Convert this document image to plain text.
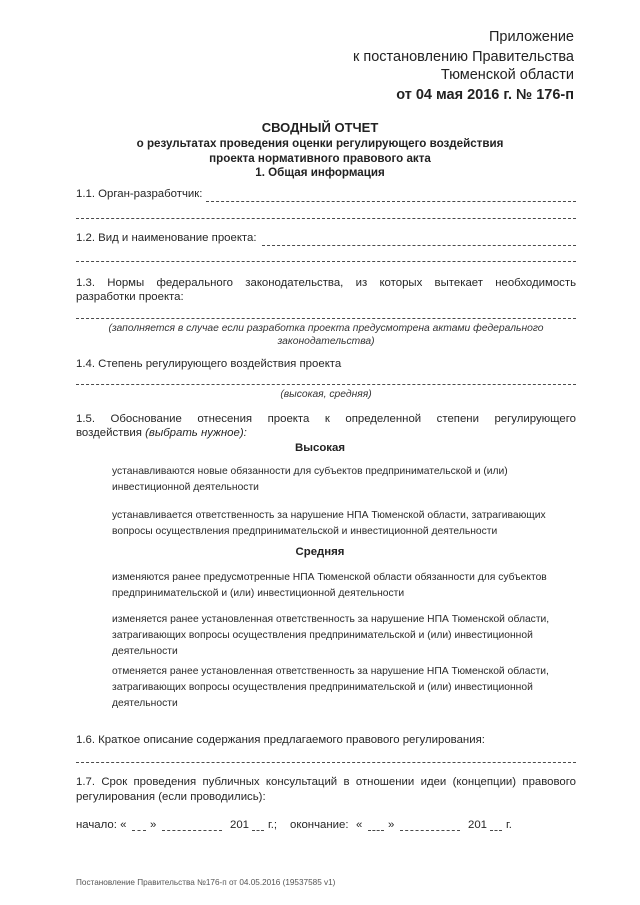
Приложение
к постановлению Правительства
Тюменской области
от 04 мая 2016 г. № 176-п
СВОДНЫЙ ОТЧЕТ
о результатах проведения оценки регулирующего воздействия
проекта нормативного правового акта
1. Общая информация
1.1. Орган-разработчик:
1.2. Вид и наименование проекта:
1.3. Нормы федерального законодательства, из которых вытекает необходимость
разработки проекта:
(заполняется в случае если разработка проекта предусмотрена актами федерального законодательства)
1.4. Степень регулирующего воздействия проекта
(высокая, средняя)
1.5. Обоснование отнесения проекта к определенной степени регулирующего
воздействия (выбрать нужное):
Высокая
устанавливаются новые обязанности для субъектов предпринимательской и (или) инвестиционной деятельности
устанавливается ответственность за нарушение НПА Тюменской области, затрагивающих вопросы осуществления предпринимательской и инвестиционной деятельности
Средняя
изменяются ранее предусмотренные НПА Тюменской области обязанности для субъектов предпринимательской и (или) инвестиционной деятельности
изменяется ранее установленная ответственность за нарушение НПА Тюменской области, затрагивающих вопросы осуществления предпринимательской и (или) инвестиционной деятельности
отменяется ранее установленная ответственность за нарушение НПА Тюменской области, затрагивающих вопросы осуществления предпринимательской и (или) инвестиционной деятельности
1.6. Краткое описание содержания предлагаемого правового регулирования:
1.7. Срок проведения публичных консультаций в отношении идеи (концепции) правового
регулирования (если проводились):
начало: « »	201 г.; окончание: « »	201 г.
Постановление Правительства №176-п от 04.05.2016 (19537585 v1)
